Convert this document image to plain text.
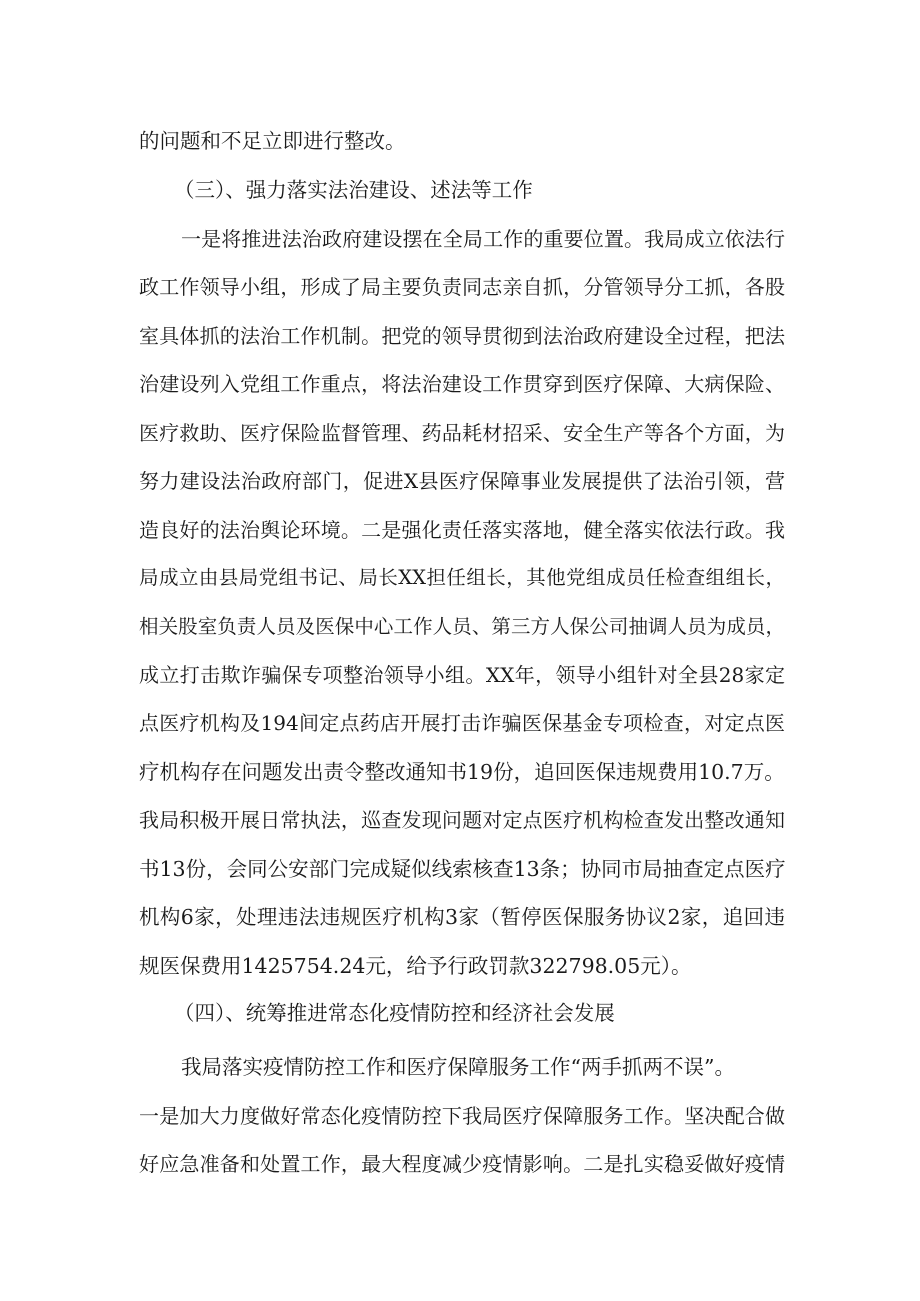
的问题和不足立即进行整改。
（三）、强力落实法治建设、述法等工作
一是将推进法治政府建设摆在全局工作的重要位置。我局成立依法行
政工作领导小组，形成了局主要负责同志亲自抓，分管领导分工抓，各股
室具体抓的法治工作机制。把党的领导贯彻到法治政府建设全过程，把法
治建设列入党组工作重点，将法治建设工作贯穿到医疗保障、大病保险、
医疗救助、医疗保险监督管理、药品耗材招采、安全生产等各个方面，为
努力建设法治政府部门，促进X县医疗保障事业发展提供了法治引领，营
造良好的法治舆论环境。二是强化责任落实落地，健全落实依法行政。我
局成立由县局党组书记、局长XX担任组长，其他党组成员任检查组组长，
相关股室负责人员及医保中心工作人员、第三方人保公司抽调人员为成员，
成立打击欺诈骗保专项整治领导小组。XX年，领导小组针对全县28家定
点医疗机构及194间定点药店开展打击诈骗医保基金专项检查，对定点医
疗机构存在问题发出责令整改通知书19份，追回医保违规费用10.7万。
我局积极开展日常执法，巡查发现问题对定点医疗机构检查发出整改通知
书13份，会同公安部门完成疑似线索核查13条；协同市局抽查定点医疗
机构6家，处理违法违规医疗机构3家（暂停医保服务协议2家，追回违
规医保费用1425754.24元，给予行政罚款322798.05元）。
（四）、统筹推进常态化疫情防控和经济社会发展
我局落实疫情防控工作和医疗保障服务工作“两手抓两不误”。
一是加大力度做好常态化疫情防控下我局医疗保障服务工作。坚决配合做
好应急准备和处置工作，最大程度减少疫情影响。二是扎实稳妥做好疫情
